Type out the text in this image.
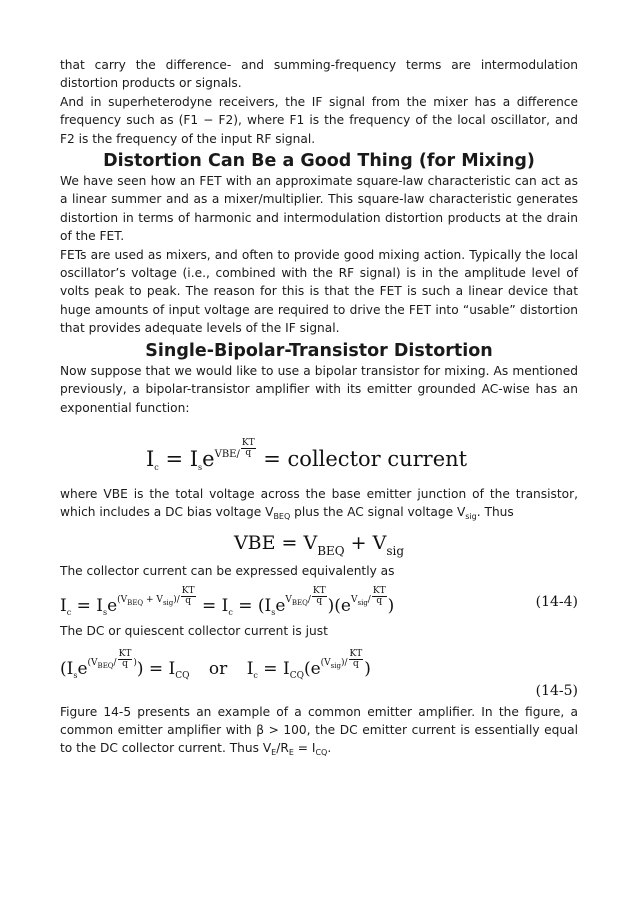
that carry the difference- and summing-frequency terms are intermodulation distortion products or signals.

And in superheterodyne receivers, the IF signal from the mixer has a difference frequency such as (F1 − F2), where F1 is the frequency of the local oscillator, and F2 is the frequency of the input RF signal.

Distortion Can Be a Good Thing (for Mixing)

We have seen how an FET with an approximate square-law characteristic can act as a linear summer and as a mixer/multiplier. This square-law characteristic generates distortion in terms of harmonic and intermodulation distortion products at the drain of the FET.

FETs are used as mixers, and often to provide good mixing action. Typically the local oscillator’s voltage (i.e., combined with the RF signal) is in the amplitude level of volts peak to peak. The reason for this is that the FET is such a linear device that huge amounts of input voltage are required to drive the FET into “usable” distortion that provides adequate levels of the IF signal.

Single-Bipolar-Transistor Distortion

Now suppose that we would like to use a bipolar transistor for mixing. As mentioned previously, a bipolar-transistor amplifier with its emitter grounded AC-wise has an exponential function:

$Ic = Ise^{VBE/} \frac{KT}{q}$ = collector current

where VBE is the total voltage across the base emitter junction of the transistor, which includes a DC bias voltage $V_{BEQ}$ plus the AC signal voltage $V_{sig}$. Thus

VBE = $V_{BEQ} + V_{sig}$

The collector current can be expressed equivalently as

$I_c = I_se^{(VBEQ}$ $^{+ Vsig)/} \frac{KT}{q} = I_c = (I_se^{VBEQ/} \frac{KT}{q} )(e^{Vsig/} \frac{KT}{q}$ )	(14-4)

The DC or quiescent collector current is just

$(I_se^{(VBEQ/} \frac{KT}{q} ^)) = I_{CQ}$ or $I_c = I_{CQ}(e^{(Vsig)/} \frac{KT}{q}$ )
(14-5)

Figure 14-5 presents an example of a common emitter amplifier. In the figure, a common emitter amplifier with β > 100, the DC emitter current is essentially equal to the DC collector current. Thus $V_E/R_E = I_{CQ}$.
